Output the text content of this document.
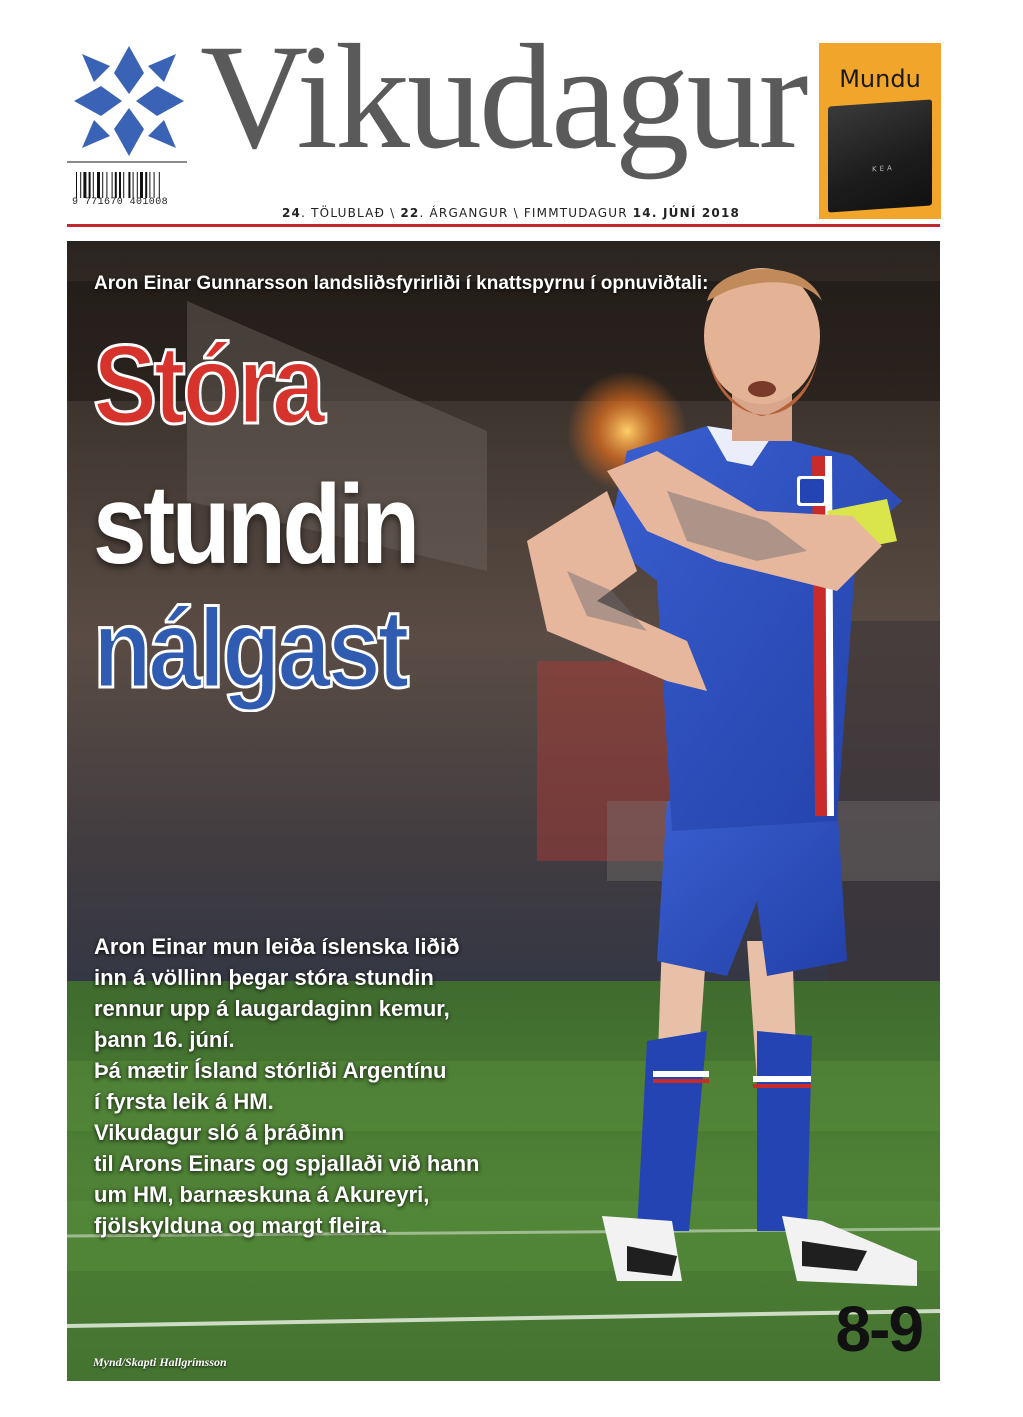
Vikudagur
9 771670 401008
24. TÖLUBLAÐ \ 22. ÁRGANGUR \ FIMMTUDAGUR 14. JÚNÍ 2018
Mundu
KEA
Aron Einar Gunnarsson landsliðsfyrirliði í knattspyrnu í opnuviðtali:
Stóra
stundin
nálgast
Aron Einar mun leiða íslenska liðið
inn á völlinn þegar stóra stundin
rennur upp á laugardaginn kemur,
þann 16. júní.
Þá mætir Ísland stórliði Argentínu
í fyrsta leik á HM.
Vikudagur sló á þráðinn
til Arons Einars og spjallaði við hann
um HM, barnæskuna á Akureyri,
fjölskylduna og margt fleira.
8-9
Mynd/Skapti Hallgrímsson
